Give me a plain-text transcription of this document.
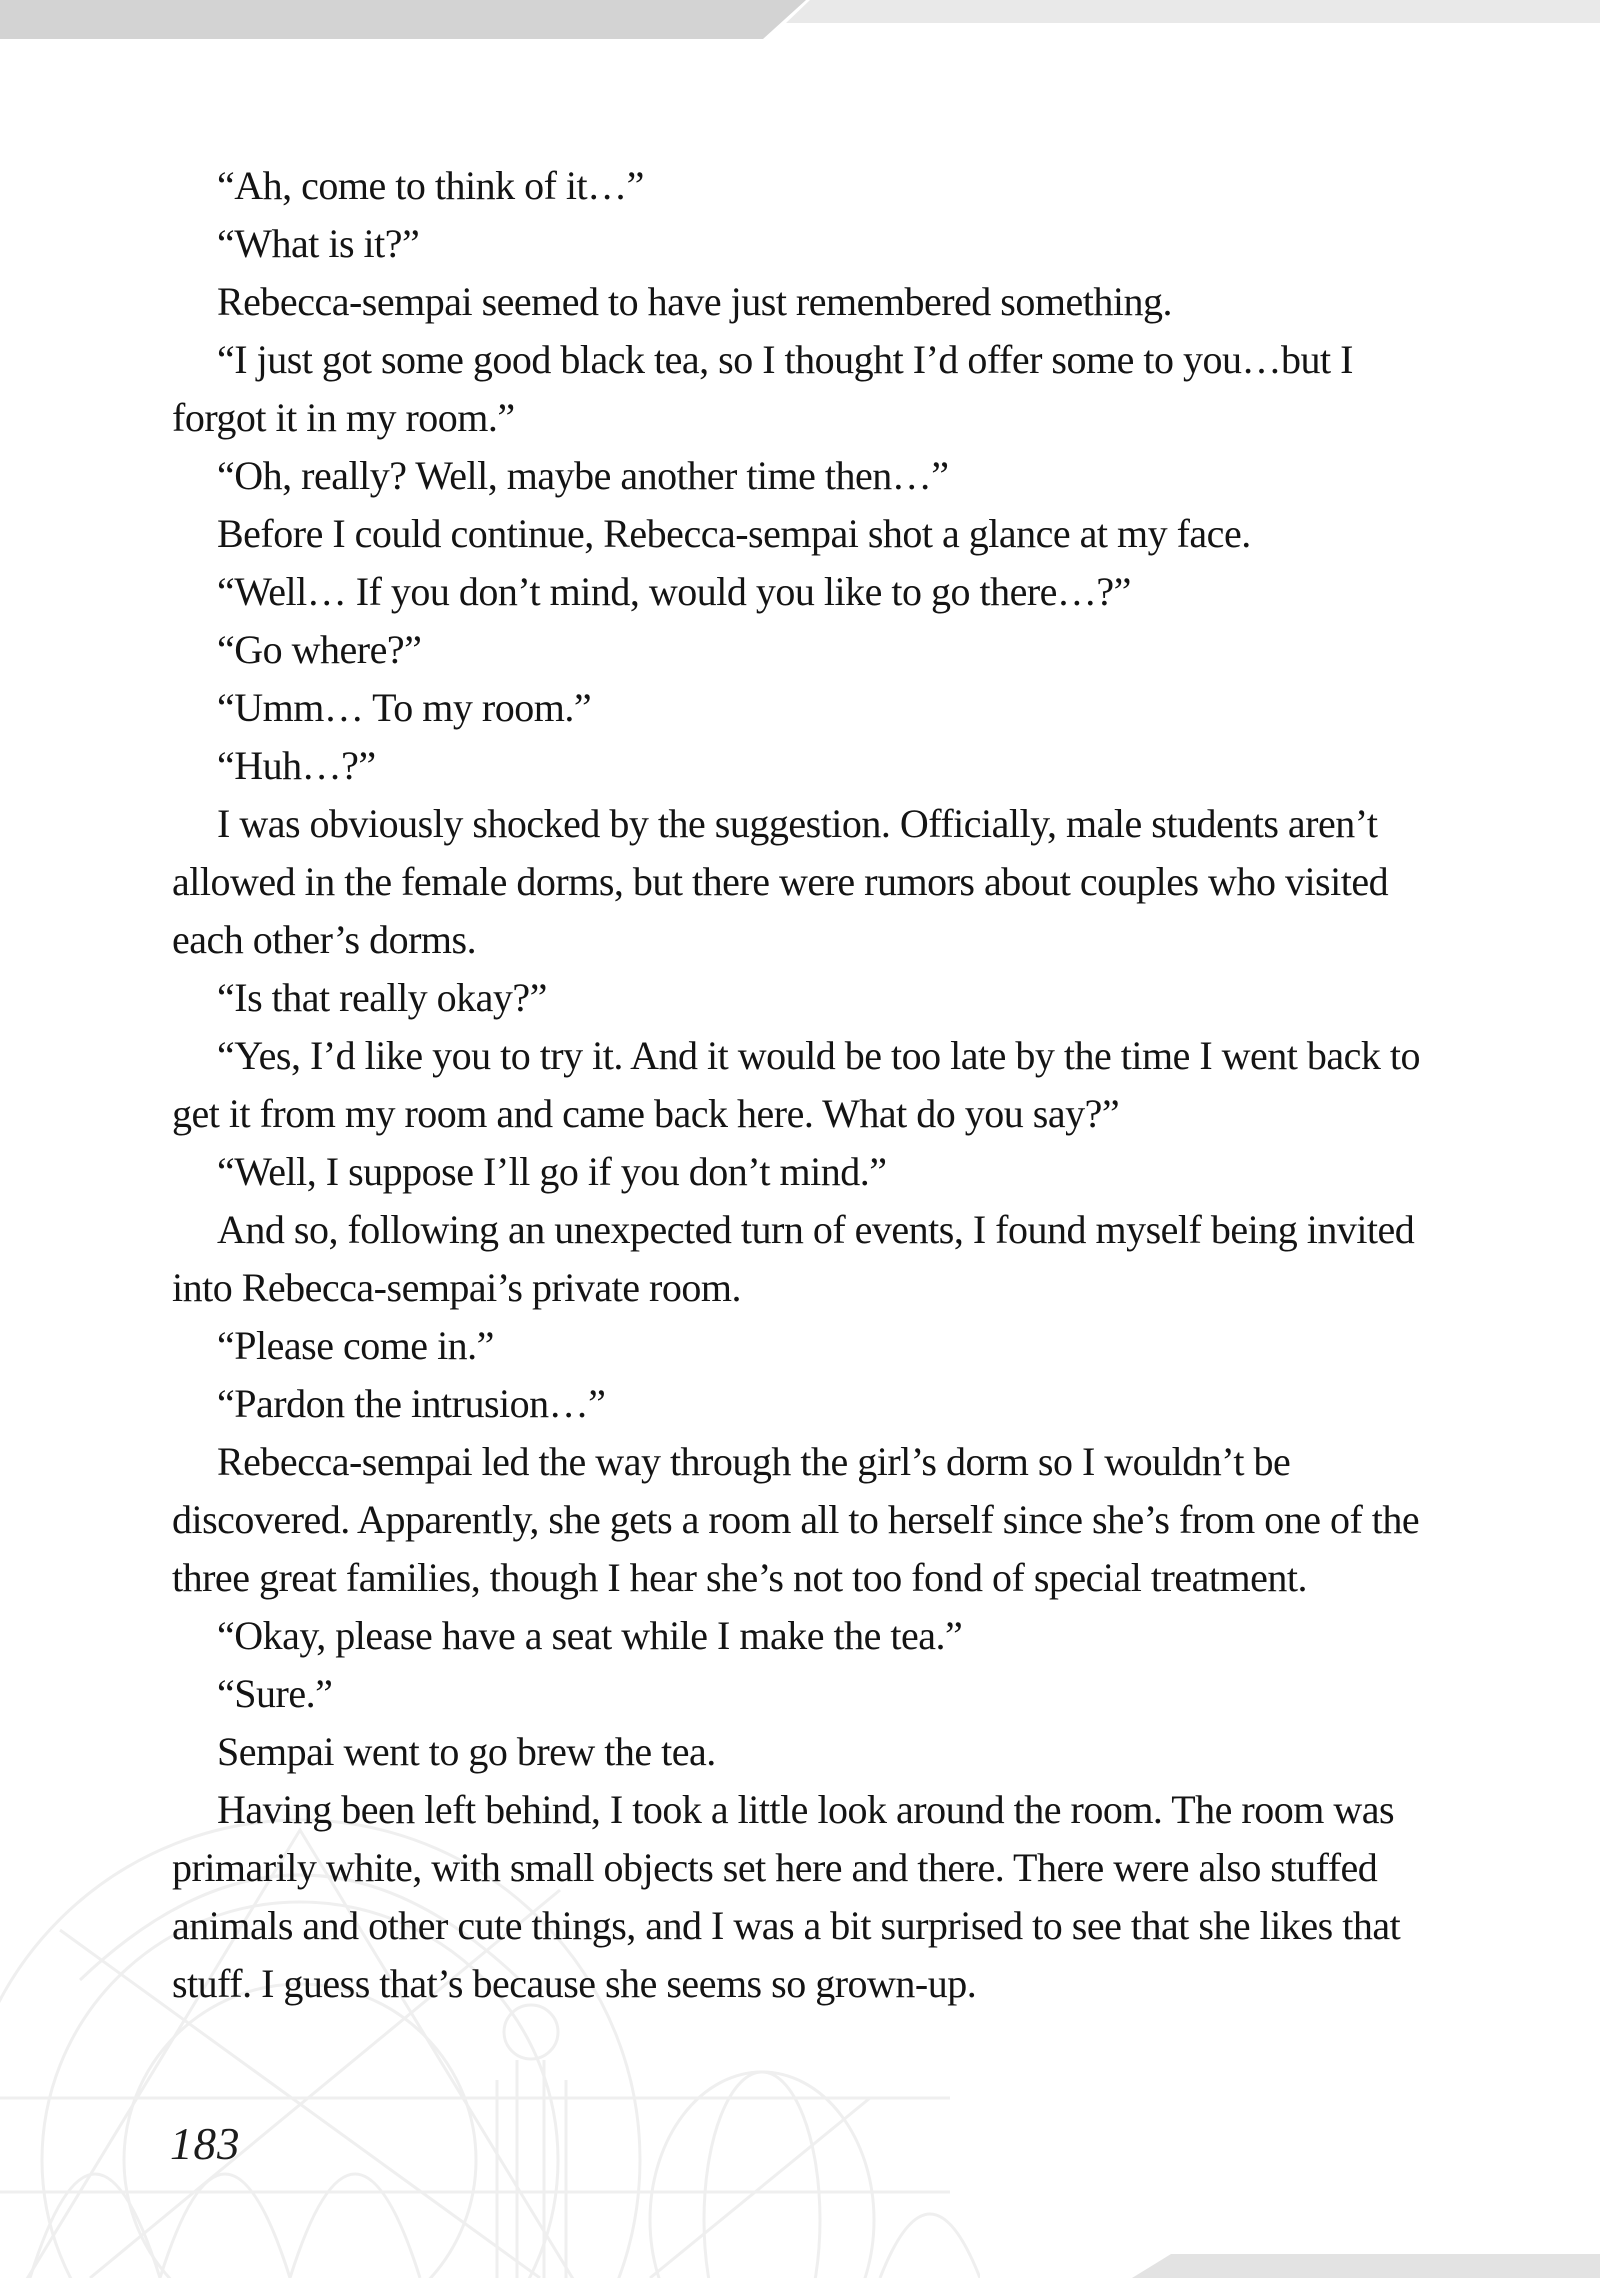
“Ah, come to think of it…”

“What is it?”

Rebecca-sempai seemed to have just remembered something.

“I just got some good black tea, so I thought I’d offer some to you…but I forgot it in my room.”

“Oh, really? Well, maybe another time then…”

Before I could continue, Rebecca-sempai shot a glance at my face.

“Well… If you don’t mind, would you like to go there…?”

“Go where?”

“Umm… To my room.”

“Huh…?”

I was obviously shocked by the suggestion. Officially, male students aren’t allowed in the female dorms, but there were rumors about couples who visited each other’s dorms.

“Is that really okay?”

“Yes, I’d like you to try it. And it would be too late by the time I went back to get it from my room and came back here. What do you say?”

“Well, I suppose I’ll go if you don’t mind.”

And so, following an unexpected turn of events, I found myself being invited into Rebecca-sempai’s private room.

“Please come in.”

“Pardon the intrusion…”

Rebecca-sempai led the way through the girl’s dorm so I wouldn’t be discovered. Apparently, she gets a room all to herself since she’s from one of the three great families, though I hear she’s not too fond of special treatment.

“Okay, please have a seat while I make the tea.”

“Sure.”

Sempai went to go brew the tea.

Having been left behind, I took a little look around the room. The room was primarily white, with small objects set here and there. There were also stuffed animals and other cute things, and I was a bit surprised to see that she likes that stuff. I guess that’s because she seems so grown-up.

183
